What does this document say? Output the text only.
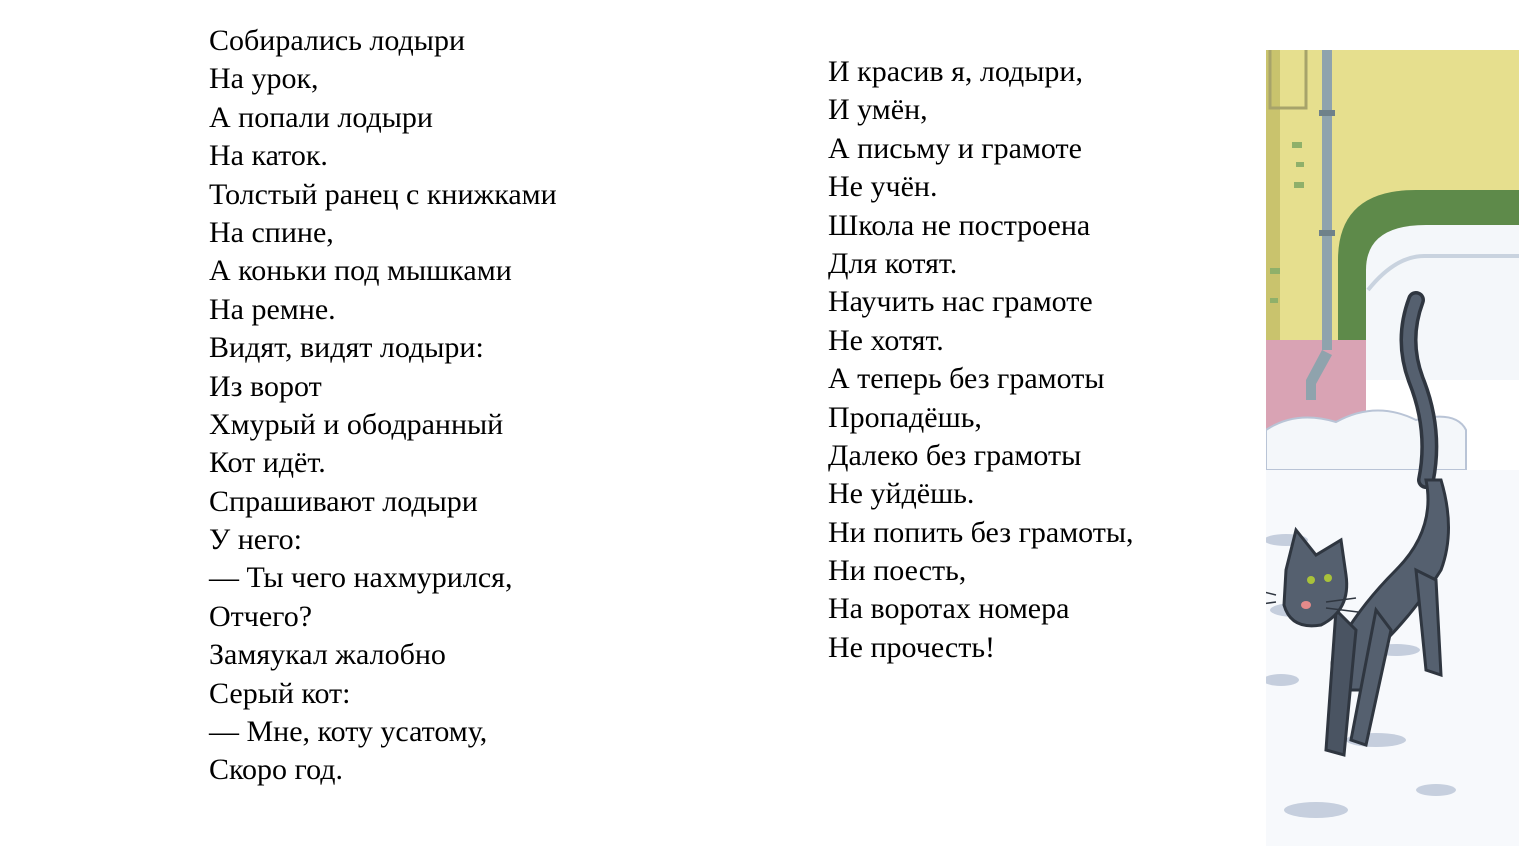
Собирались лодыри
На урок,
А попали лодыри
На каток.
Толстый ранец с книжками
На спине,
А коньки под мышками
На ремне.
Видят, видят лодыри:
Из ворот
Хмурый и ободранный
Кот идёт.
Спрашивают лодыри
У него:
— Ты чего нахмурился,
Отчего?
Замяукал жалобно
Серый кот:
— Мне, коту усатому,
Скоро год.
И красив я, лодыри,
И умён,
А письму и грамоте
Не учён.
Школа не построена
Для котят.
Научить нас грамоте
Не хотят.
А теперь без грамоты
Пропадёшь,
Далеко без грамоты
Не уйдёшь.
Ни попить без грамоты,
Ни поесть,
На воротах номера
Не прочесть!
